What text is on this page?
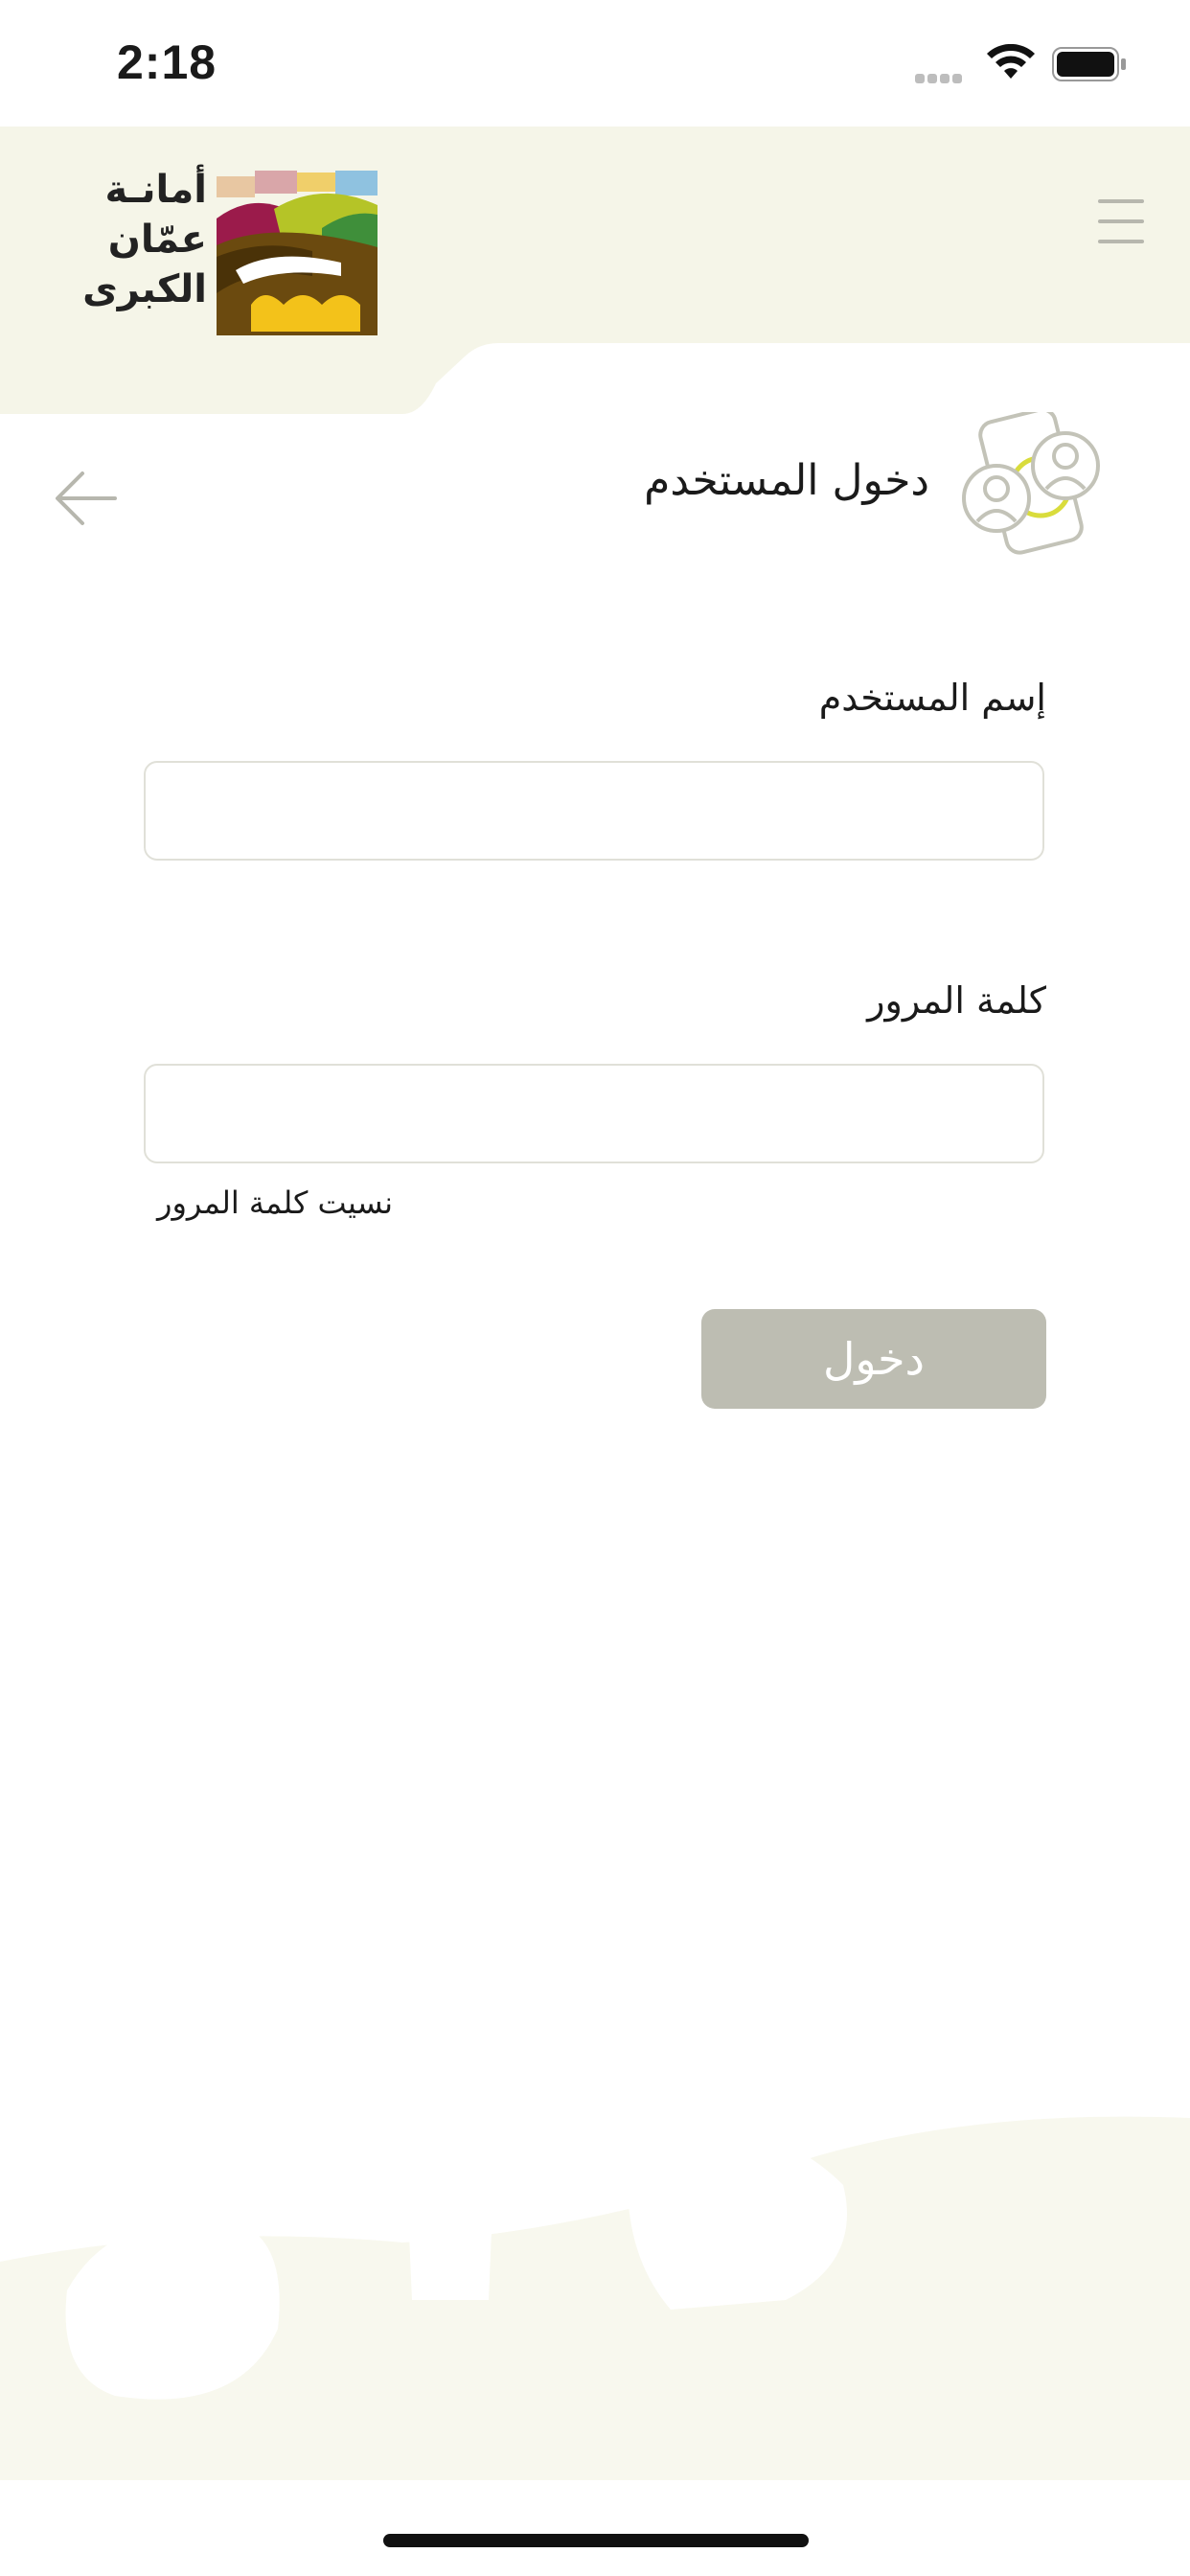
2:18
أمانـة
عمّان
الكبرى
دخول المستخدم
إسم المستخدم
كلمة المرور
نسيت كلمة المرور
دخول
